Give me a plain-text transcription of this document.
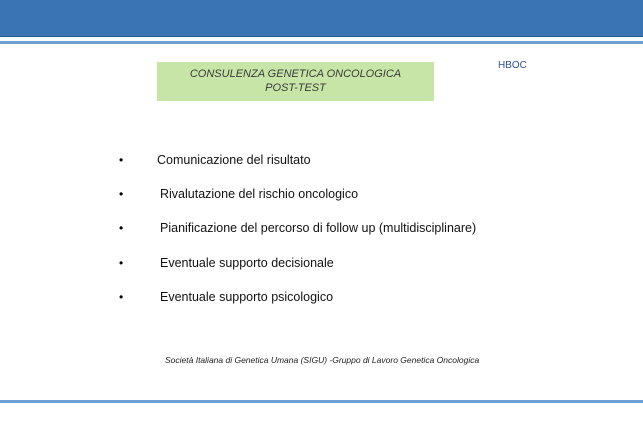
CONSULENZA GENETICA ONCOLOGICA
POST-TEST
HBOC
•	Comunicazione del risultato
•	Rivalutazione del rischio oncologico
•	Pianificazione del percorso di follow up (multidisciplinare)
•	Eventuale supporto decisionale
•	Eventuale supporto psicologico
Società Italiana di Genetica Umana (SIGU) -Gruppo di Lavoro Genetica Oncologica
